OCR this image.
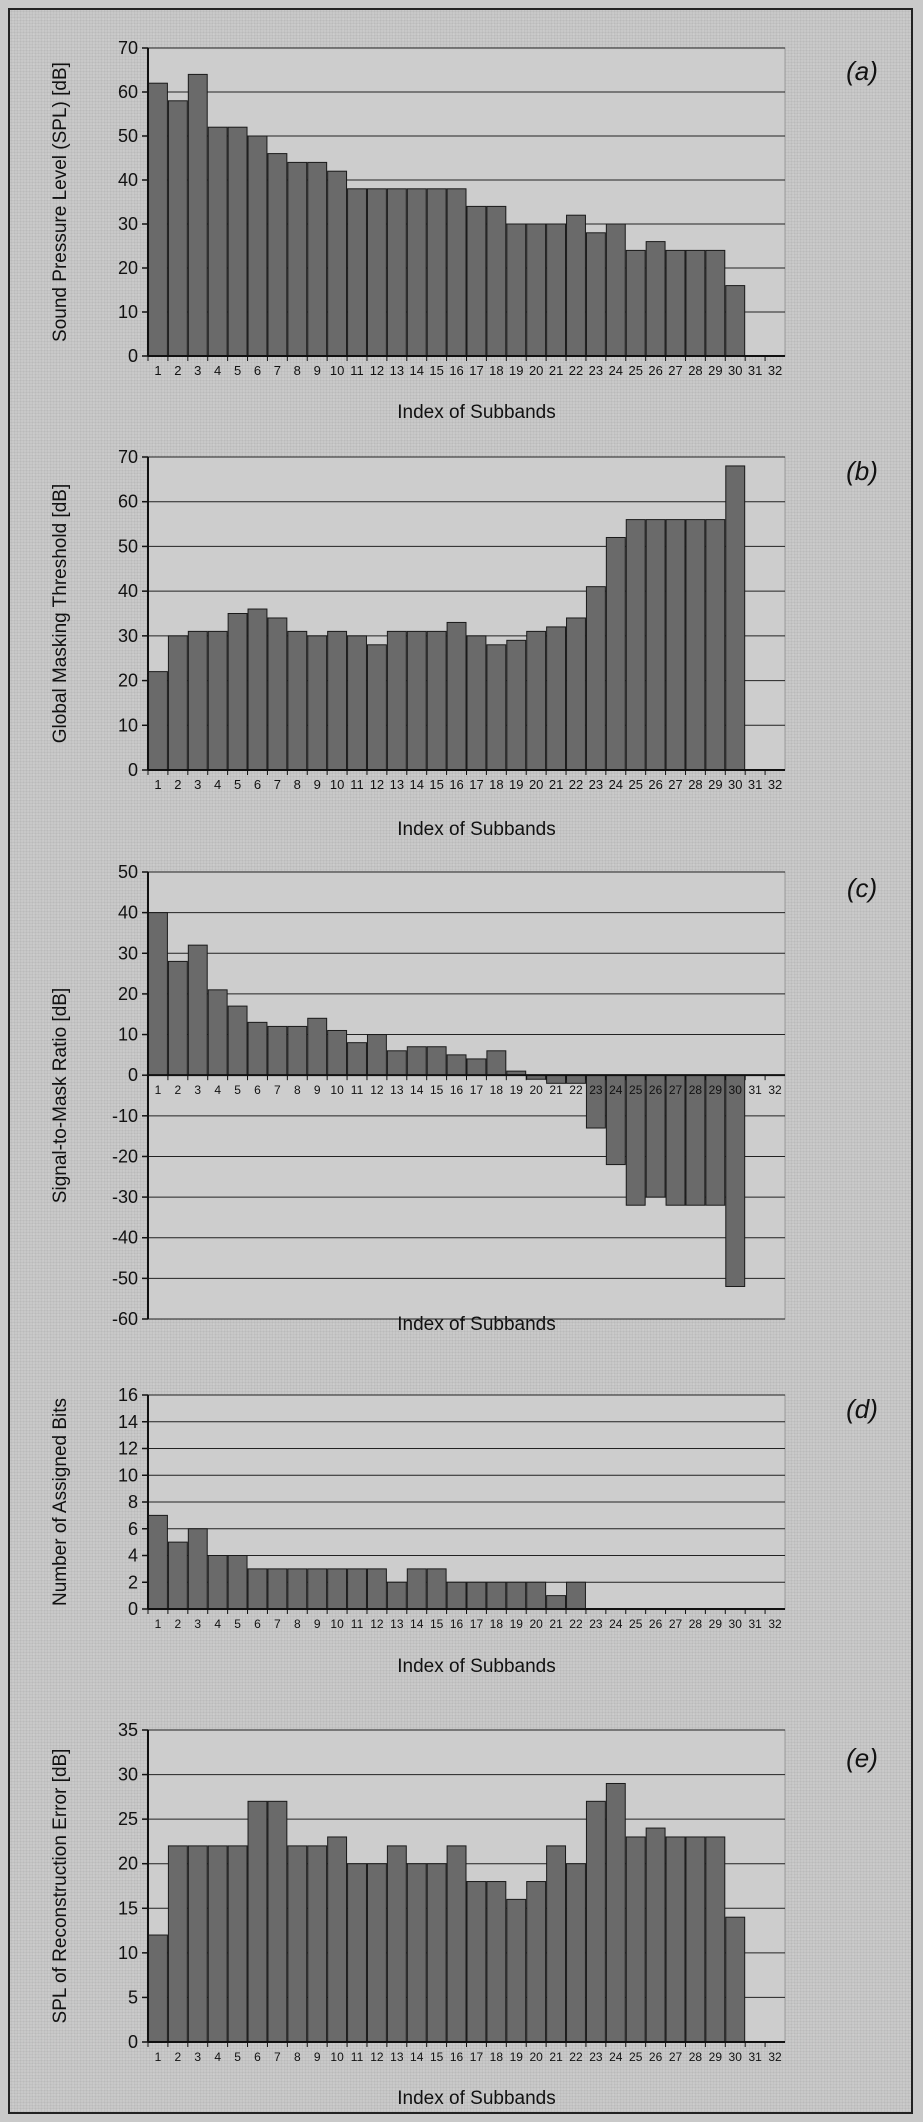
0
10
20
30
40
50
60
70
1 2 3 4 5 6 7 8 9 10 11 12 13 14 15 16 17 18 19 20 21 22 23 24 25 26 27 28 29 30 31 32
Sound Pressure Level (SPL) [dB]
Index of Subbands
(a)
0
10
20
30
40
50
60
70
1 2 3 4 5 6 7 8 9 10 11 12 13 14 15 16 17 18 19 20 21 22 23 24 25 26 27 28 29 30 31 32
Global Masking Threshold [dB]
Index of Subbands
(b)
-60
-50
-40
-30
-20
-10
0
10
20
30
40
50
1 2 3 4 5 6 7 8 9 10 11 12 13 14 15 16 17 18 19 20 21 22 23 24 25 26 27 28 29 30 31 32
Signal-to-Mask Ratio [dB]
Index of Subbands
(c)
0
2
4
6
8
10
12
14
16
1 2 3 4 5 6 7 8 9 10 11 12 13 14 15 16 17 18 19 20 21 22 23 24 25 26 27 28 29 30 31 32
Number of Assigned Bits
Index of Subbands
(d)
0
5
10
15
20
25
30
35
1 2 3 4 5 6 7 8 9 10 11 12 13 14 15 16 17 18 19 20 21 22 23 24 25 26 27 28 29 30 31 32
SPL of Reconstruction Error [dB]
Index of Subbands
(e)
